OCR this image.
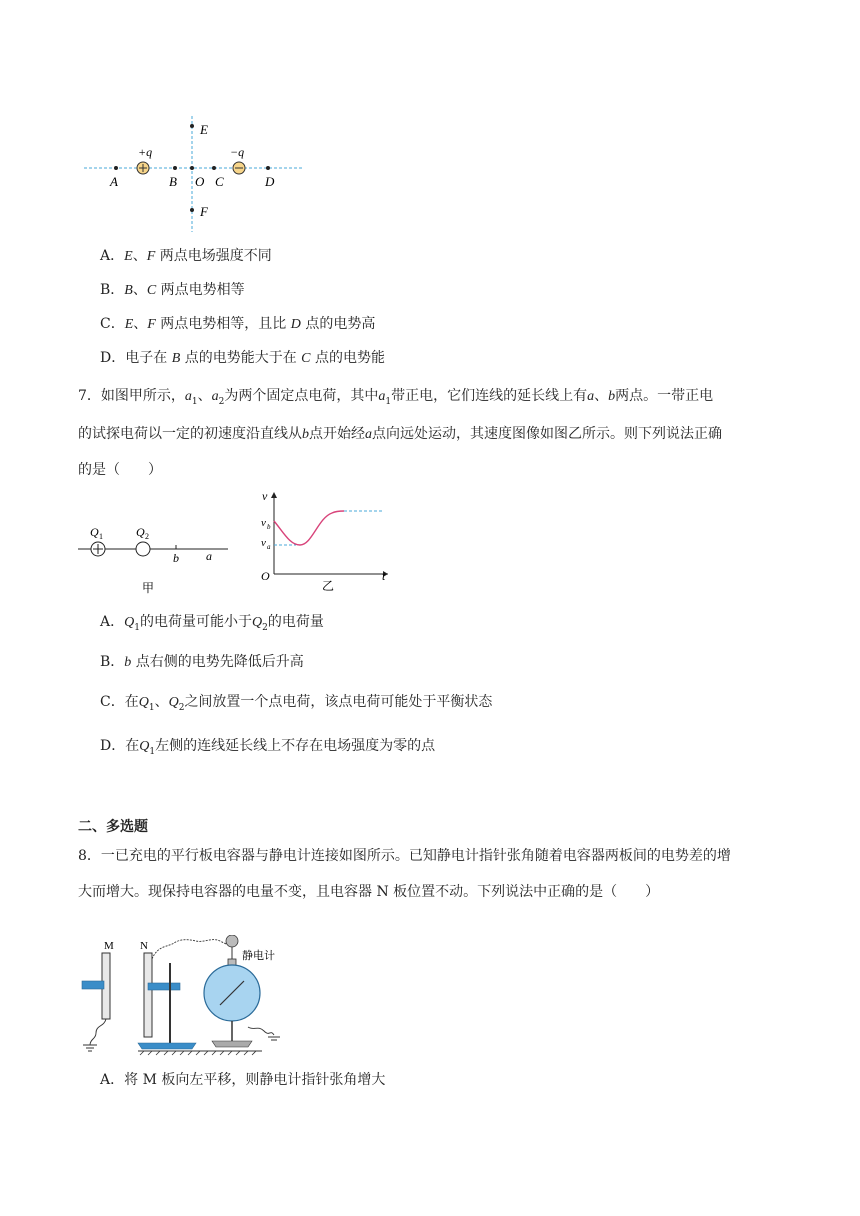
E
F
+q	−q
A	B O C	D
A．E、F 两点电场强度不同
B．B、C 两点电势相等
C．E、F 两点电势相等，且比 D 点的电势高
D．电子在 B 点的电势能大于在 C 点的电势能
7．如图甲所示，$a_1$、$a_2$为两个固定点电荷，其中$a_1$带正电，它们连线的延长线上有a、b两点。一带正电
的试探电荷以一定的初速度沿直线从b点开始经a点向远处运动，其速度图像如图乙所示。则下列说法正确
的是（　　）
Q 1	Q 2
b a
甲
v
v b
v a
O	t
乙
A．$Q_1$的电荷量可能小于$Q_2$的电荷量
B．b 点右侧的电势先降低后升高
C．在$Q_1$、$Q_2$之间放置一个点电荷，该点电荷可能处于平衡状态
D．在$Q_1$左侧的连线延长线上不存在电场强度为零的点
二、多选题
8．一已充电的平行板电容器与静电计连接如图所示。已知静电计指针张角随着电容器两板间的电势差的增
大而增大。现保持电容器的电量不变，且电容器 N 板位置不动。下列说法中正确的是（　　）
M N
静电计
A．将 M 板向左平移，则静电计指针张角增大
